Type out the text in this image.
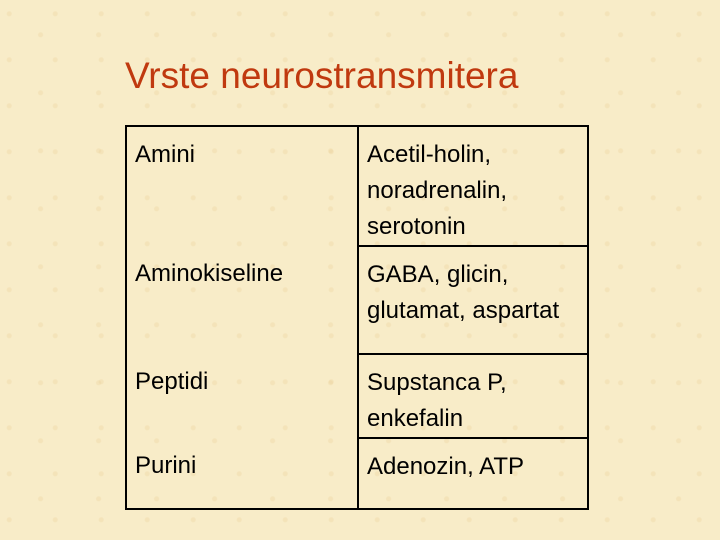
Vrste neurostransmitera
Amini	Acetil-holin, noradrenalin, serotonin
Aminokiseline	GABA, glicin, glutamat, aspartat
Peptidi	Supstanca P, enkefalin
Purini	Adenozin, ATP
